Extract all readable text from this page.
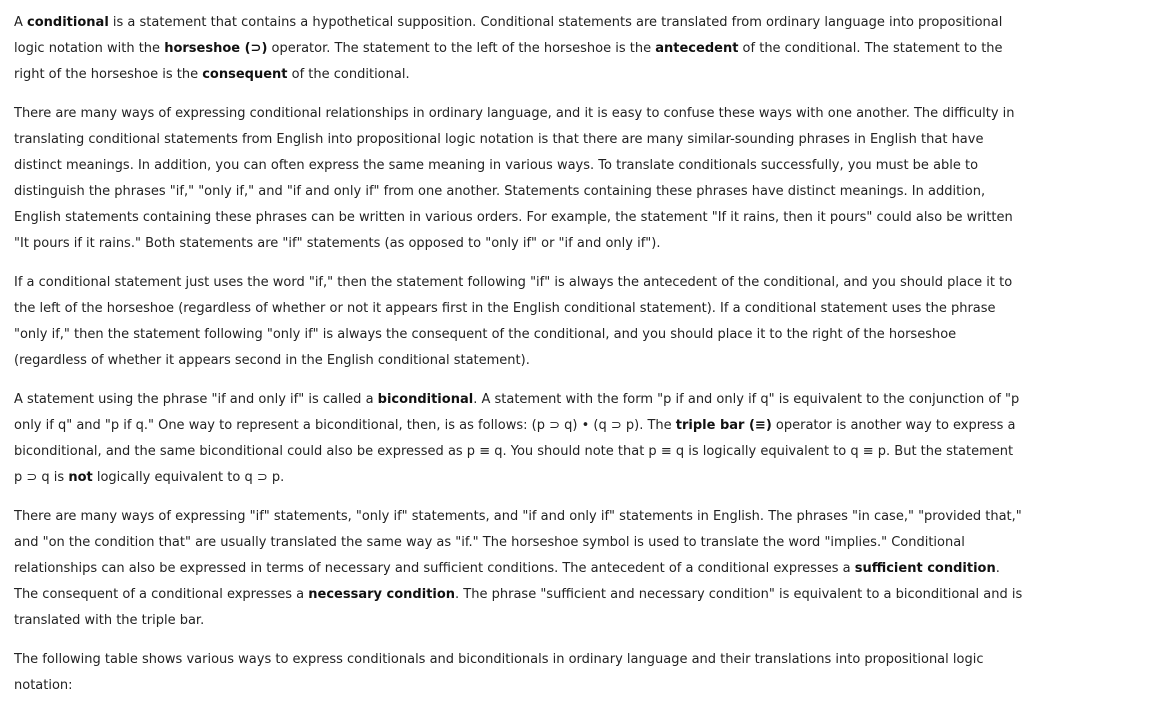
A conditional is a statement that contains a hypothetical supposition. Conditional statements are translated from ordinary language into propositional logic notation with the horseshoe (⊃) operator. The statement to the left of the horseshoe is the antecedent of the conditional. The statement to the right of the horseshoe is the consequent of the conditional.

There are many ways of expressing conditional relationships in ordinary language, and it is easy to confuse these ways with one another. The difficulty in translating conditional statements from English into propositional logic notation is that there are many similar-sounding phrases in English that have distinct meanings. In addition, you can often express the same meaning in various ways. To translate conditionals successfully, you must be able to distinguish the phrases "if," "only if," and "if and only if" from one another. Statements containing these phrases have distinct meanings. In addition, English statements containing these phrases can be written in various orders. For example, the statement "If it rains, then it pours" could also be written "It pours if it rains." Both statements are "if" statements (as opposed to "only if" or "if and only if").

If a conditional statement just uses the word "if," then the statement following "if" is always the antecedent of the conditional, and you should place it to the left of the horseshoe (regardless of whether or not it appears first in the English conditional statement). If a conditional statement uses the phrase "only if," then the statement following "only if" is always the consequent of the conditional, and you should place it to the right of the horseshoe (regardless of whether it appears second in the English conditional statement).

A statement using the phrase "if and only if" is called a biconditional. A statement with the form "p if and only if q" is equivalent to the conjunction of "p only if q" and "p if q." One way to represent a biconditional, then, is as follows: (p ⊃ q) • (q ⊃ p). The triple bar (≡) operator is another way to express a biconditional, and the same biconditional could also be expressed as p ≡ q. You should note that p ≡ q is logically equivalent to q ≡ p. But the statement p ⊃ q is not logically equivalent to q ⊃ p.

There are many ways of expressing "if" statements, "only if" statements, and "if and only if" statements in English. The phrases "in case," "provided that," and "on the condition that" are usually translated the same way as "if." The horseshoe symbol is used to translate the word "implies." Conditional relationships can also be expressed in terms of necessary and sufficient conditions. The antecedent of a conditional expresses a sufficient condition. The consequent of a conditional expresses a necessary condition. The phrase "sufficient and necessary condition" is equivalent to a biconditional and is translated with the triple bar.

The following table shows various ways to express conditionals and biconditionals in ordinary language and their translations into propositional logic notation:
